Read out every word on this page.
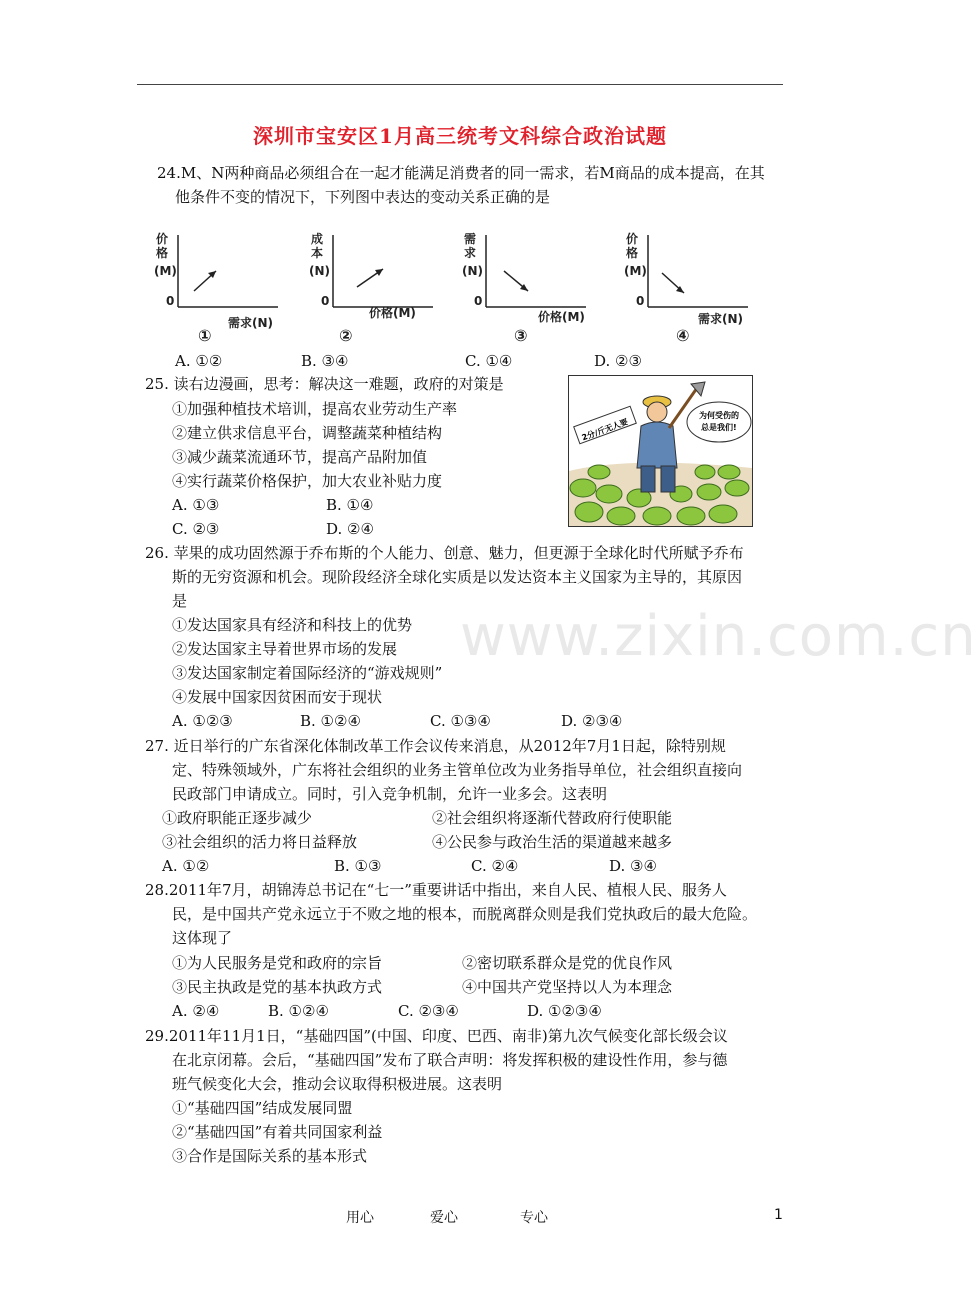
www.zixin.com.cn
深圳市宝安区1月高三统考文科综合政治试题
24.M、N两种商品必须组合在一起才能满足消费者的同一需求，若M商品的成本提高，在其
他条件不变的情况下，下列图中表达的变动关系正确的是
价
格
(M)
0
需求(N)
①
成
本
(N)
0
价格(M)
②
需
求
(N)
0
价格(M)
③
价
格
(M)
0
需求(N)
④
A. ①②	B. ③④	C. ①④	D. ②③
25. 读右边漫画，思考：解决这一难题，政府的对策是
①加强种植技术培训，提高农业劳动生产率
②建立供求信息平台，调整蔬菜种植结构
③减少蔬菜流通环节，提高产品附加值
④实行蔬菜价格保护，加大农业补贴力度
A. ①③	B. ①④
C. ②③	D. ②④
2分/斤无人要
为何受伤的
总是我们!
26. 苹果的成功固然源于乔布斯的个人能力、创意、魅力，但更源于全球化时代所赋予乔布
斯的无穷资源和机会。现阶段经济全球化实质是以发达资本主义国家为主导的，其原因
是
①发达国家具有经济和科技上的优势
②发达国家主导着世界市场的发展
③发达国家制定着国际经济的“游戏规则”
④发展中国家因贫困而安于现状
A. ①②③	B. ①②④	C. ①③④	D. ②③④
27. 近日举行的广东省深化体制改革工作会议传来消息，从2012年7月1日起，除特别规
定、特殊领域外，广东将社会组织的业务主管单位改为业务指导单位，社会组织直接向
民政部门申请成立。同时，引入竞争机制，允许一业多会。这表明
①政府职能正逐步减少	②社会组织将逐渐代替政府行使职能
③社会组织的活力将日益释放	④公民参与政治生活的渠道越来越多
A. ①②	B. ①③	C. ②④	D. ③④
28.2011年7月，胡锦涛总书记在“七一”重要讲话中指出，来自人民、植根人民、服务人
民，是中国共产党永远立于不败之地的根本，而脱离群众则是我们党执政后的最大危险。
这体现了
①为人民服务是党和政府的宗旨	②密切联系群众是党的优良作风
③民主执政是党的基本执政方式	④中国共产党坚持以人为本理念
A. ②④	B. ①②④	C. ②③④	D. ①②③④
29.2011年11月1日，“基础四国”(中国、印度、巴西、南非)第九次气候变化部长级会议
在北京闭幕。会后，“基础四国”发布了联合声明：将发挥积极的建设性作用，参与德
班气候变化大会，推动会议取得积极进展。这表明
①“基础四国”结成发展同盟
②“基础四国”有着共同国家利益
③合作是国际关系的基本形式
用心	爱心	专心	1
